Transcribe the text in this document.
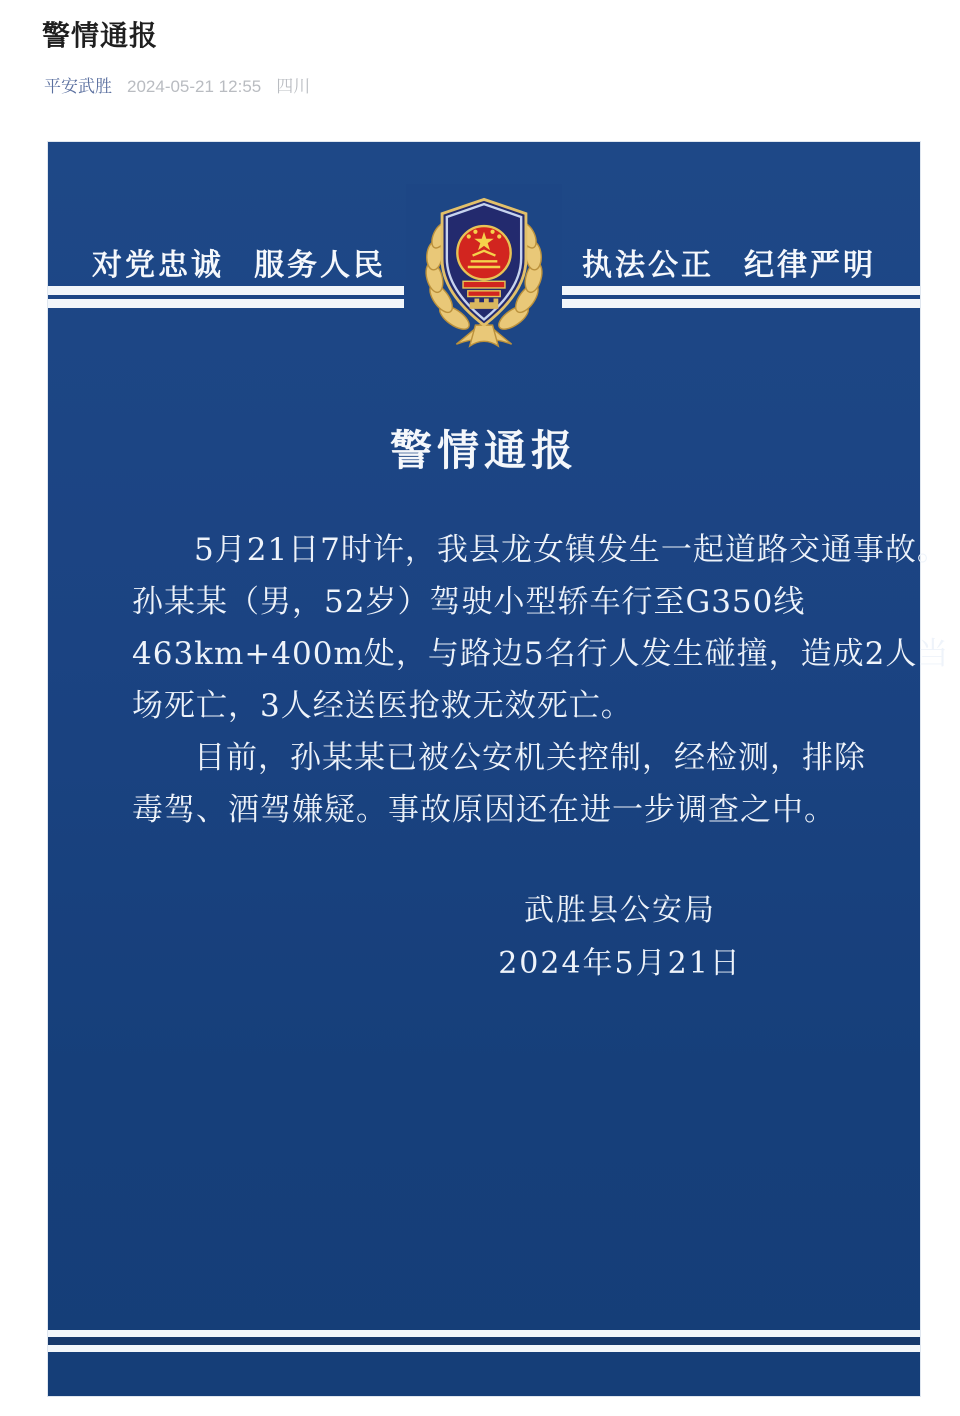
警情通报
平安武胜 2024-05-21 12:55 四川
对党忠诚 服务人民	执法公正 纪律严明
警情通报
5月21日7时许，我县龙女镇发生一起道路交通事故。
孙某某（男，52岁）驾驶小型轿车行至G350线
463km+400m处，与路边5名行人发生碰撞，造成2人当
场死亡，3人经送医抢救无效死亡。
目前，孙某某已被公安机关控制，经检测，排除
毒驾、酒驾嫌疑。事故原因还在进一步调查之中。
武胜县公安局
2024年5月21日
